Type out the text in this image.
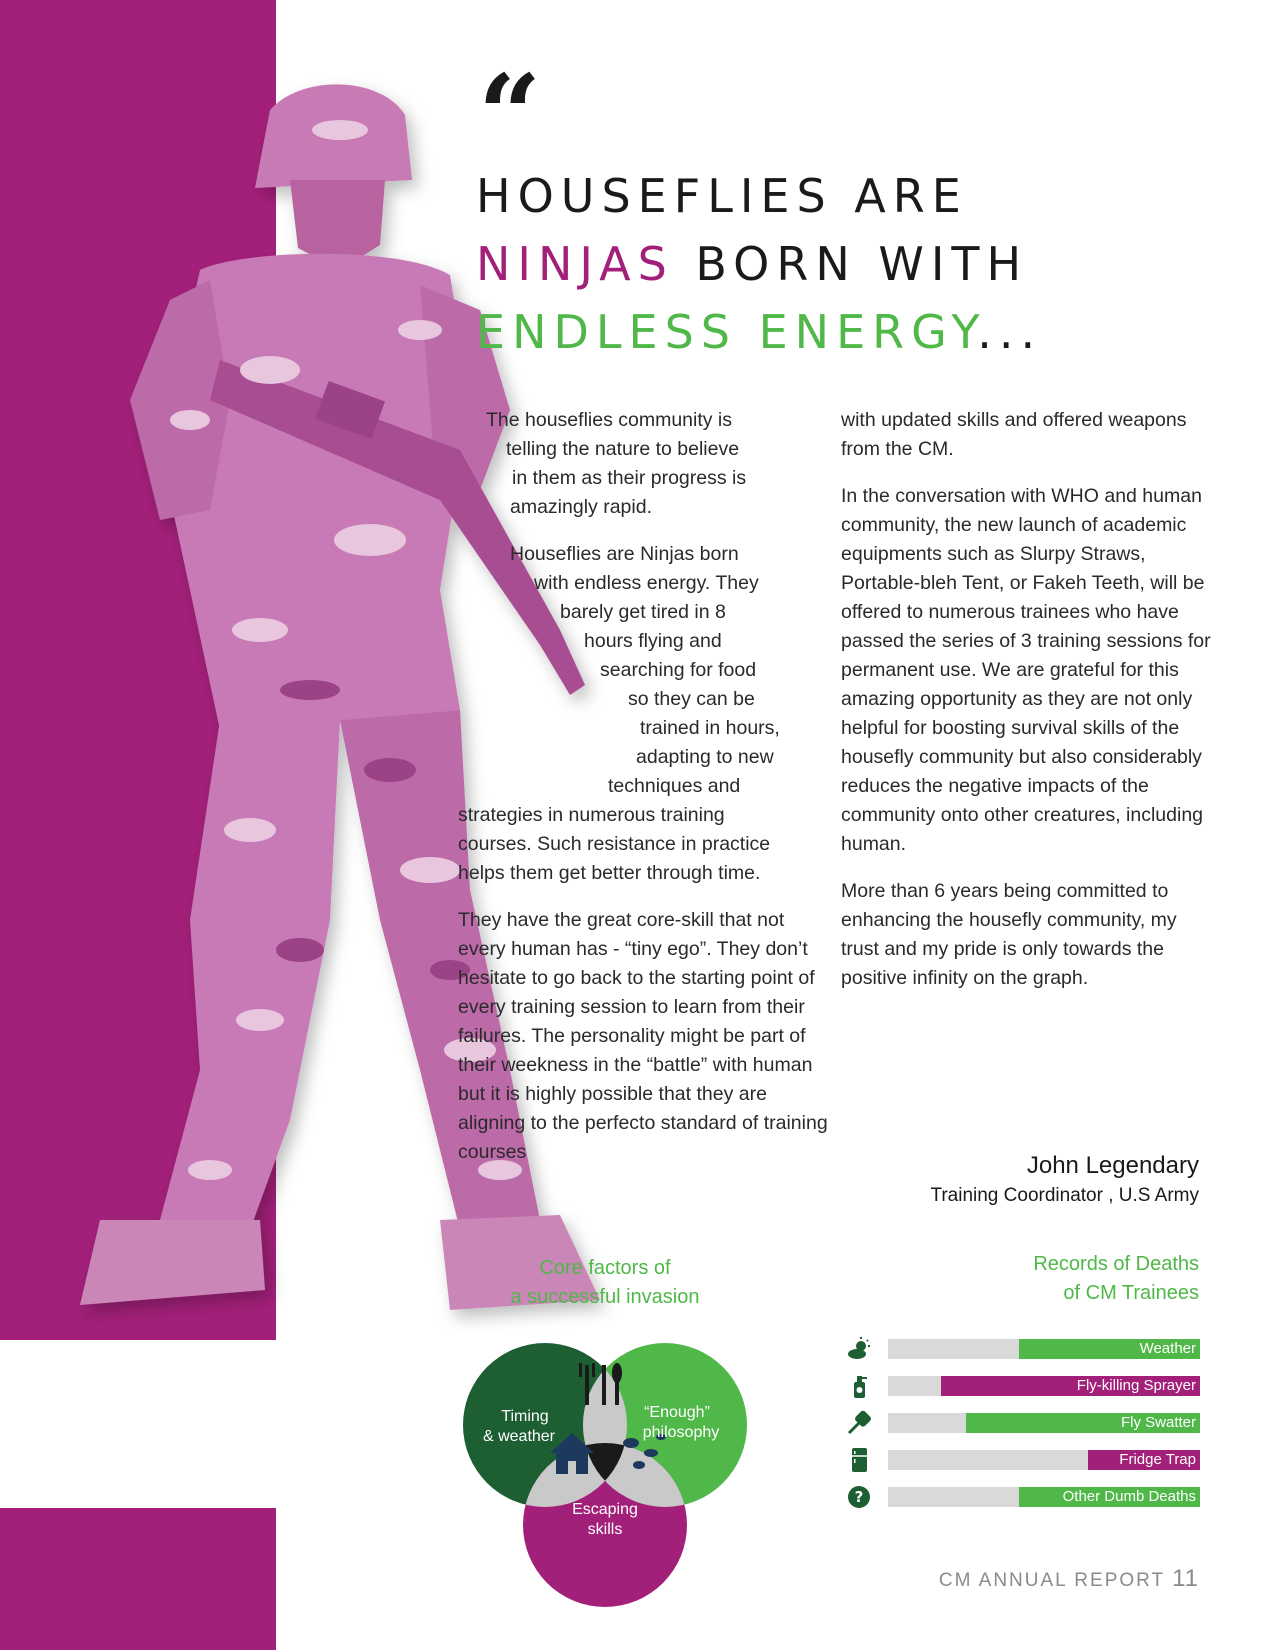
“
HOUSEFLIES ARE
NINJAS BORN WITH
ENDLESS ENERGY...

The houseflies community is
telling the nature to believe
in them as their progress is
amazingly rapid.

Houseflies are Ninjas born
with endless energy. They
barely get tired in 8
hours flying and
searching for food
so they can be
trained in hours,
adapting to new
techniques and
strategies in numerous training
courses. Such resistance in practice
helps them get better through time.

They have the great core-skill that not every human has - “tiny ego”. They don’t hesitate to go back to the starting point of every training session to learn from their failures. The personality might be part of their weekness in the “battle” with human but it is highly possible that they are aligning to the perfecto standard of training courses

with updated skills and offered weapons from the CM.

In the conversation with WHO and human community, the new launch of academic equipments such as Slurpy Straws, Portable-bleh Tent, or Fakeh Teeth, will be offered to numerous trainees who have passed the series of 3 training sessions for permanent use. We are grateful for this amazing opportunity as they are not only helpful for boosting survival skills of the housefly community but also considerably reduces the negative impacts of the community onto other creatures, including human.

More than 6 years being committed to enhancing the housefly community, my trust and my pride is only towards the positive infinity on the graph.

John Legendary
Training Coordinator , U.S Army
Core factors of
a successful invasion
Timing
& weather
“Enough”
philosophy
Escaping
skills
Records of Deaths
of CM Trainees
Weather
Fly-killing Sprayer
Fly Swatter
Fridge Trap
?	Other Dumb Deaths
CM ANNUAL REPORT 11
